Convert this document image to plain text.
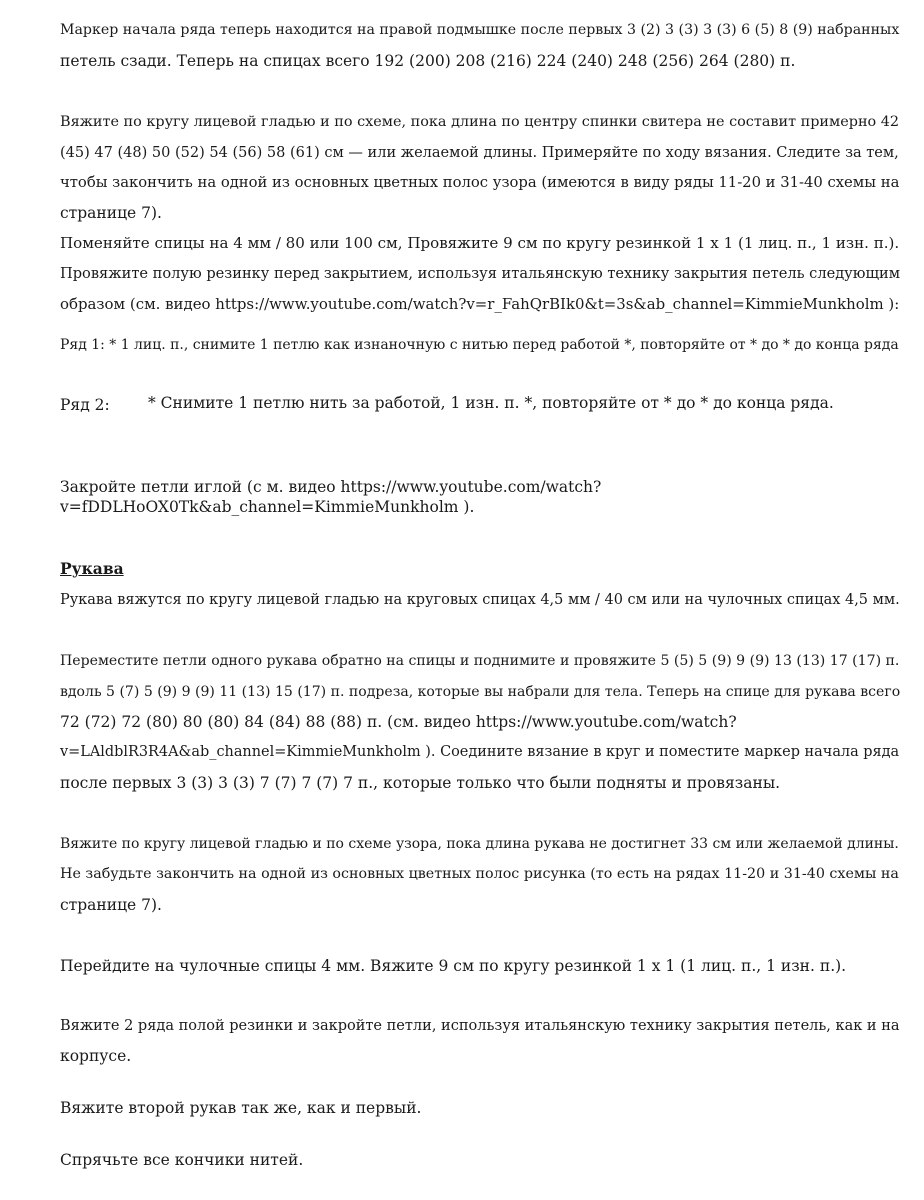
Маркер начала ряда теперь находится на правой подмышке после первых 3 (2) 3 (3) 3 (3) 6 (5) 8 (9) набранных

петель сзади. Теперь на спицах всего 192 (200) 208 (216) 224 (240) 248 (256) 264 (280) п.

Вяжите по кругу лицевой гладью и по схеме, пока длина по центру спинки свитера не составит примерно 42

(45) 47 (48) 50 (52) 54 (56) 58 (61) см — или желаемой длины. Примеряйте по ходу вязания. Следите за тем,

чтобы закончить на одной из основных цветных полос узора (имеются в виду ряды 11-20 и 31-40 схемы на

странице 7).

Поменяйте спицы на 4 мм / 80 или 100 см, Провяжите 9 см по кругу резинкой 1 x 1 (1 лиц. п., 1 изн. п.).

Провяжите полую резинку перед закрытием, используя итальянскую технику закрытия петель следующим

образом (см. видео https://www.youtube.com/watch?v=r_FahQrBIk0&t=3s&ab_channel=KimmieMunkholm ):

Ряд 1: * 1 лиц. п., снимите 1 петлю как изнаночную с нитью перед работой *, повторяйте от * до * до конца ряда

Ряд 2: * Снимите 1 петлю нить за работой, 1 изн. п. *, повторяйте от * до * до конца ряда.

Закройте петли иглой (с м. видео https://www.youtube.com/watch?

v=fDDLHoOX0Tk&ab_channel=KimmieMunkholm ).

Рукава

Рукава вяжутся по кругу лицевой гладью на круговых спицах 4,5 мм / 40 см или на чулочных спицах 4,5 мм.

Переместите петли одного рукава обратно на спицы и поднимите и провяжите 5 (5) 5 (9) 9 (9) 13 (13) 17 (17) п.

вдоль 5 (7) 5 (9) 9 (9) 11 (13) 15 (17) п. подреза, которые вы набрали для тела. Теперь на спице для рукава всего

72 (72) 72 (80) 80 (80) 84 (84) 88 (88) п. (см. видео https://www.youtube.com/watch?

v=LAldblR3R4A&ab_channel=KimmieMunkholm ). Соедините вязание в круг и поместите маркер начала ряда

после первых 3 (3) 3 (3) 7 (7) 7 (7) 7 п., которые только что были подняты и провязаны.

Вяжите по кругу лицевой гладью и по схеме узора, пока длина рукава не достигнет 33 см или желаемой длины.

Не забудьте закончить на одной из основных цветных полос рисунка (то есть на рядах 11-20 и 31-40 схемы на

странице 7).

Перейдите на чулочные спицы 4 мм. Вяжите 9 см по кругу резинкой 1 x 1 (1 лиц. п., 1 изн. п.).

Вяжите 2 ряда полой резинки и закройте петли, используя итальянскую технику закрытия петель, как и на

корпусе.

Вяжите второй рукав так же, как и первый.

Спрячьте все кончики нитей.
